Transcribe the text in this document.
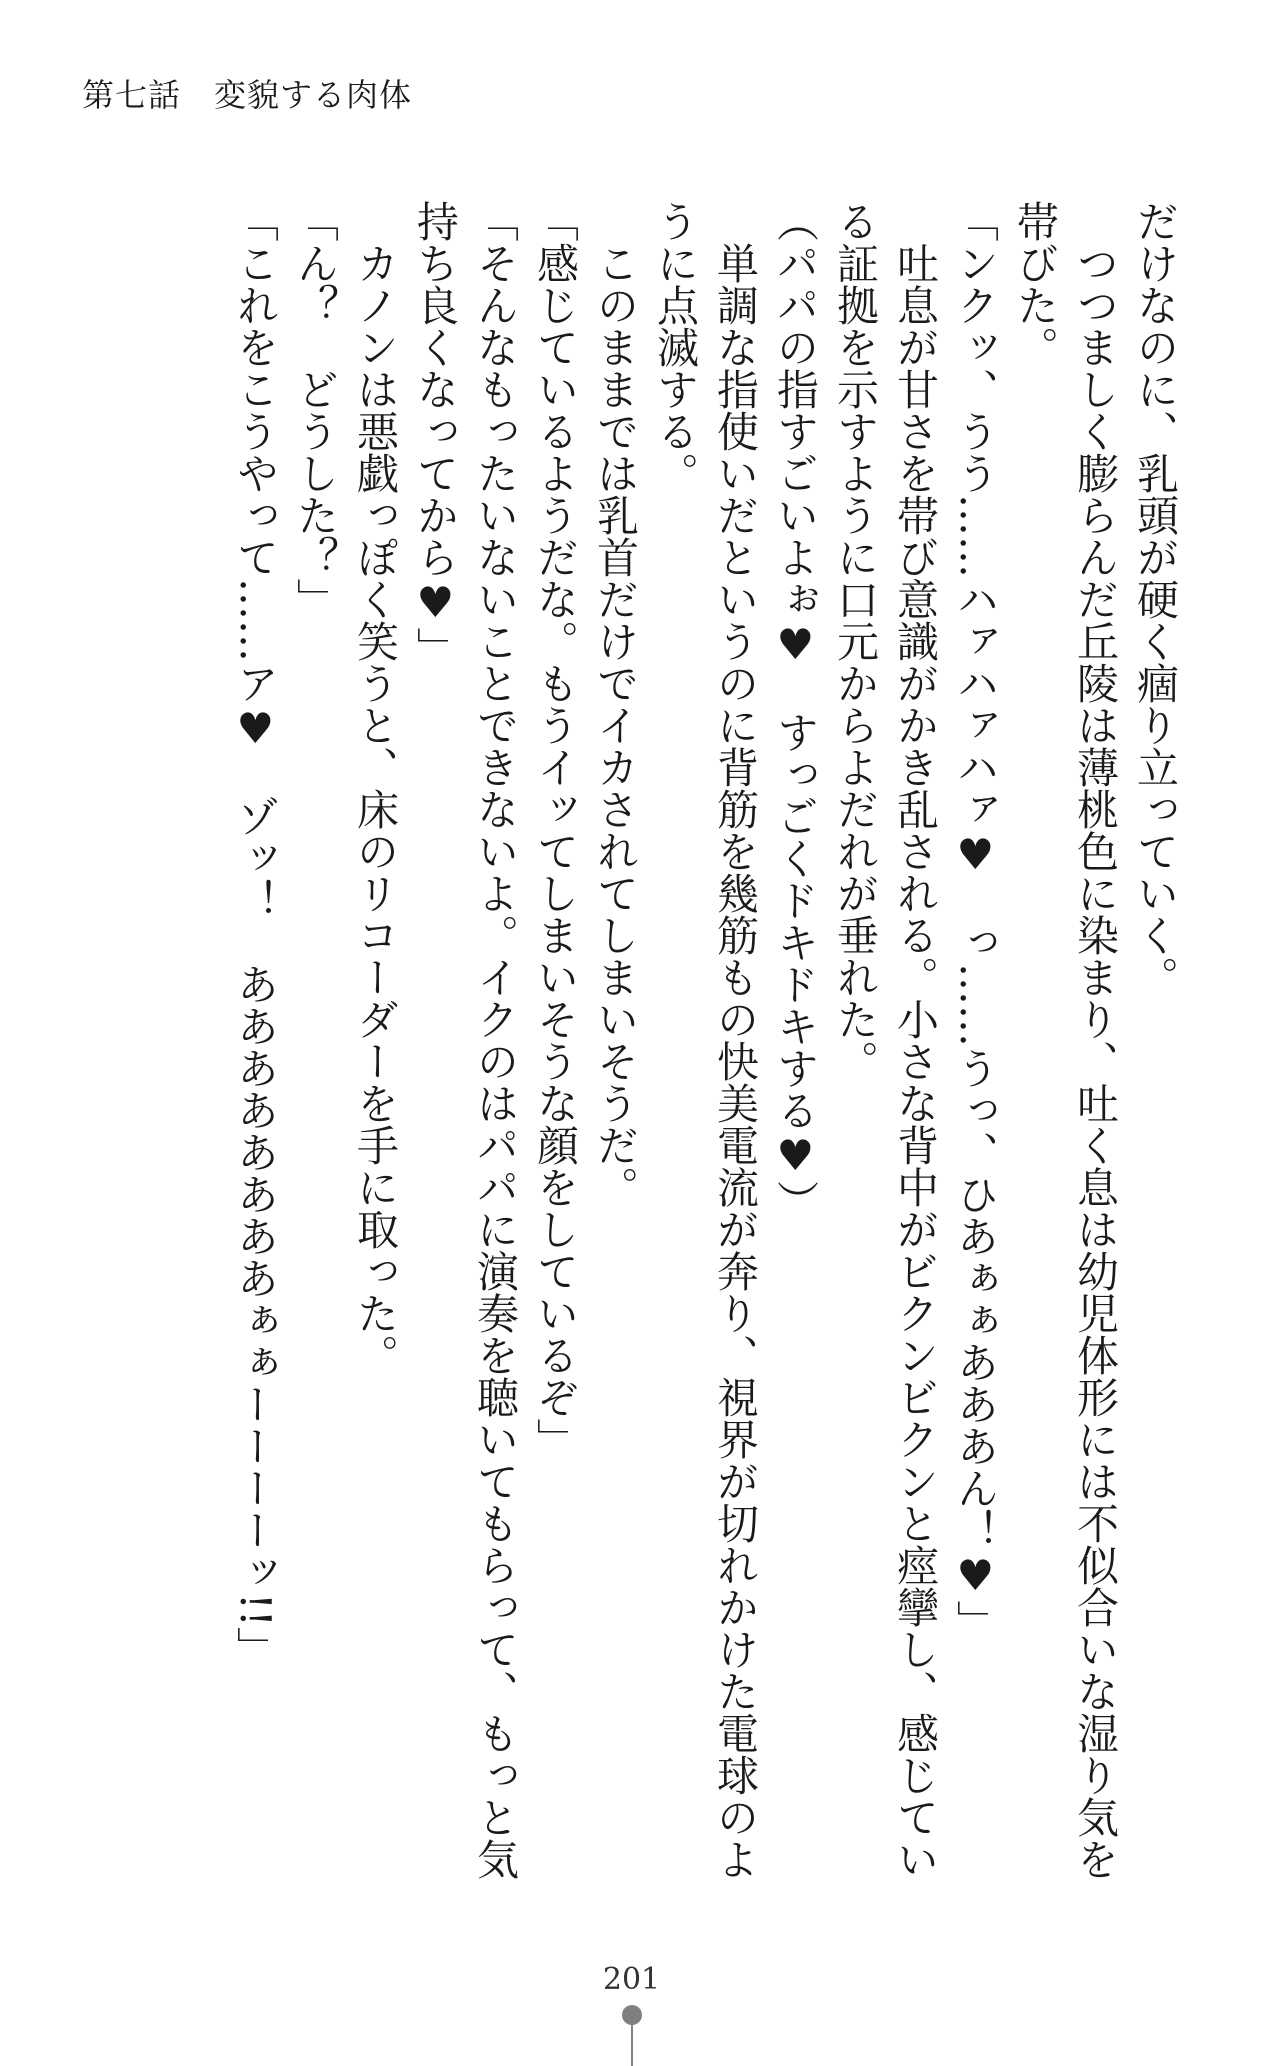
第七話　変貌する肉体

だけなのに、乳頭が硬く痼り立っていく。

　つつましく膨らんだ丘陵は薄桃色に染まり、吐く息は幼児体形には不似合いな湿り気を

帯びた。

「ンクッ、うう……ハァハァハァ♥　っ……うっ、ひあぁぁあああん！♥」

　吐息が甘さを帯び意識がかき乱される。小さな背中がビクンビクンと痙攣し、感じてい

る証拠を示すように口元からよだれが垂れた。

（パパの指すごいよぉ♥　すっごくドキドキする♥）

　単調な指使いだというのに背筋を幾筋もの快美電流が奔り、視界が切れかけた電球のよ

うに点滅する。

　このままでは乳首だけでイカされてしまいそうだ。

「感じているようだな。もうイッてしまいそうな顔をしているぞ」

「そんなもったいないことできないよ。イクのはパパに演奏を聴いてもらって、もっと気

持ち良くなってから♥」

　カノンは悪戯っぽく笑うと、床のリコーダーを手に取った。

「ん？　どうした？」

「これをこうやって……ア♥　ゾッ！　ああああああああぁぁーーーーッ!!」

201
